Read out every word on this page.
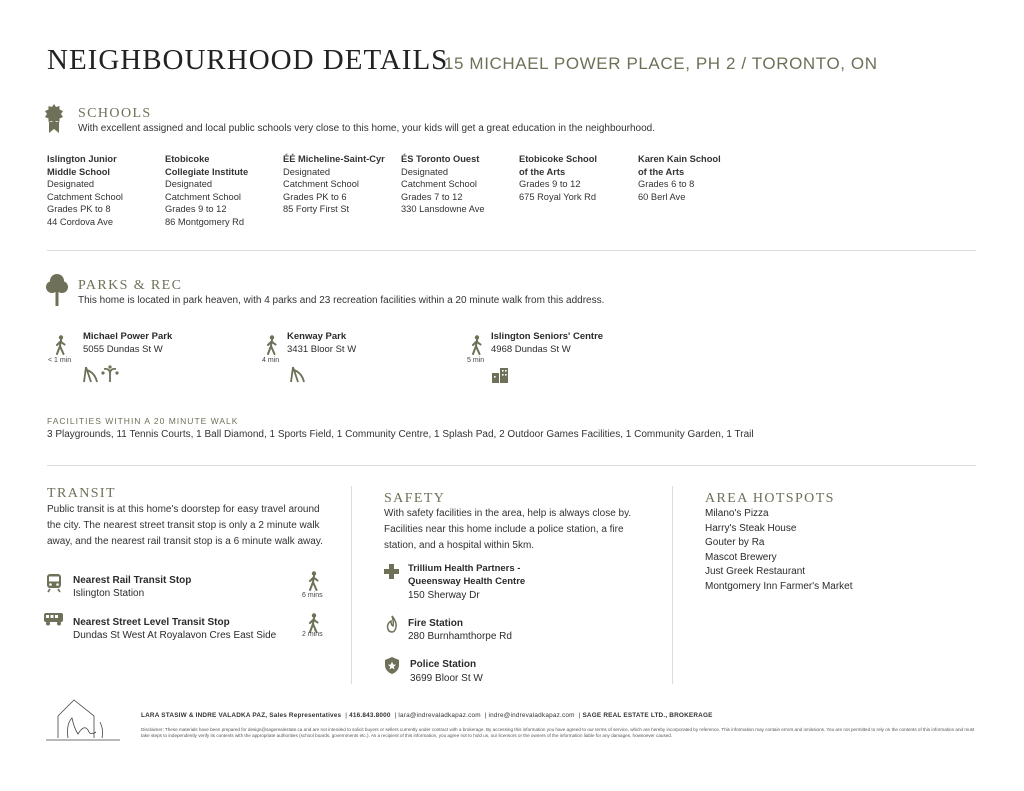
NEIGHBOURHOOD DETAILS
15 MICHAEL POWER PLACE, PH 2 / TORONTO, ON
SCHOOLS
With excellent assigned and local public schools very close to this home, your kids will get a great education in the neighbourhood.
Islington Junior
Middle School
Designated
Catchment School
Grades PK to 8
44 Cordova Ave
Etobicoke
Collegiate Institute
Designated
Catchment School
Grades 9 to 12
86 Montgomery Rd
ÉÉ Micheline-Saint-Cyr
Designated
Catchment School
Grades PK to 6
85 Forty First St
ÉS Toronto Ouest
Designated
Catchment School
Grades 7 to 12
330 Lansdowne Ave
Etobicoke School
of the Arts
Grades 9 to 12
675 Royal York Rd
Karen Kain School
of the Arts
Grades 6 to 8
60 Berl Ave
PARKS & REC
This home is located in park heaven, with 4 parks and 23 recreation facilities within a 20 minute walk from this address.
< 1 min
Michael Power Park
5055 Dundas St W
4 min
Kenway Park
3431 Bloor St W
5 min
Islington Seniors' Centre
4968 Dundas St W
FACILITIES WITHIN A 20 MINUTE WALK
3 Playgrounds, 11 Tennis Courts, 1 Ball Diamond, 1 Sports Field, 1 Community Centre, 1 Splash Pad, 2 Outdoor Games Facilities, 1 Community Garden, 1 Trail
TRANSIT
Public transit is at this home's doorstep for easy travel around the city. The nearest street transit stop is only a 2 minute walk away, and the nearest rail transit stop is a 6 minute walk away.
Nearest Rail Transit Stop
Islington Station	6 mins
Nearest Street Level Transit Stop
Dundas St West At Royalavon Cres East Side	2 mins
SAFETY
With safety facilities in the area, help is always close by. Facilities near this home include a police station, a fire station, and a hospital within 5km.
Trillium Health Partners -
Queensway Health Centre
150 Sherway Dr
Fire Station
280 Burnhamthorpe Rd
Police Station
3699 Bloor St W
AREA HOTSPOTS
Milano's Pizza
Harry's Steak House
Gouter by Ra
Mascot Brewery
Just Greek Restaurant
Montgomery Inn Farmer's Market
LARA STASIW & INDRE VALADKA PAZ, Sales Representatives  | 416.843.8000  | lara@indrevaladkapaz.com  | indre@indrevaladkapaz.com  | SAGE REAL ESTATE LTD., BROKERAGE
Disclaimer: These materials have been prepared for design@sagerealestate.ca and are not intended to solicit buyers or sellers currently under contract with a brokerage. By accessing this information you have agreed to our terms of service, which are hereby incorporated by reference. This information may contain errors and omissions. You are not permitted to rely on the contents of this information and must take steps to independently verify its contents with the appropriate authorities (school boards, governments etc.). As a recipient of this information, you agree not to hold us, our licensors or the owners of the information liable for any damages, howsoever caused.
